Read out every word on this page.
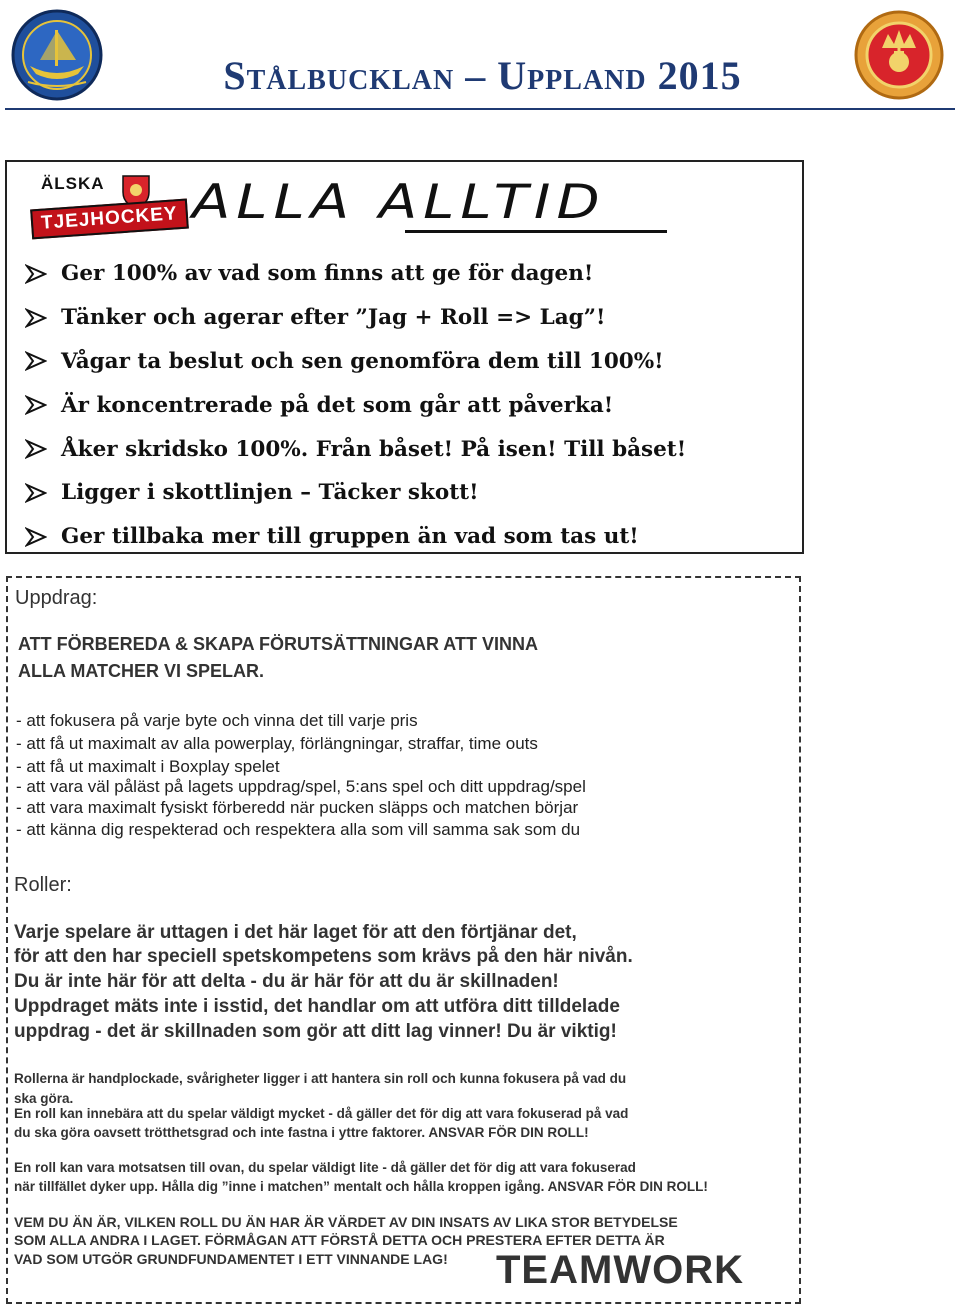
Stålbucklan – Uppland 2015
ÄLSKA
TJEJHOCKEY ALLA ALLTID
Ger 100% av vad som finns att ge för dagen!
Tänker och agerar efter ”Jag + Roll => Lag”!
Vågar ta beslut och sen genomföra dem till 100%!
Är koncentrerade på det som går att påverka!
Åker skridsko 100%. Från båset! På isen! Till båset!
Ligger i skottlinjen – Täcker skott!
Ger tillbaka mer till gruppen än vad som tas ut!
Uppdrag:
ATT FÖRBEREDA & SKAPA FÖRUTSÄTTNINGAR ATT VINNA
ALLA MATCHER VI SPELAR.
- att fokusera på varje byte och vinna det till varje pris
- att få ut maximalt av alla powerplay, förlängningar, straffar, time outs
- att få ut maximalt i Boxplay spelet
- att vara väl påläst på lagets uppdrag/spel, 5:ans spel och ditt uppdrag/spel
- att vara maximalt fysiskt förberedd när pucken släpps och matchen börjar
- att känna dig respekterad och respektera alla som vill samma sak som du
Roller:
Varje spelare är uttagen i det här laget för att den förtjänar det,
för att den har speciell spetskompetens som krävs på den här nivån.
Du är inte här för att delta - du är här för att du är skillnaden!
Uppdraget mäts inte i isstid, det handlar om att utföra ditt tilldelade
uppdrag - det är skillnaden som gör att ditt lag vinner! Du är viktig!
Rollerna är handplockade, svårigheter ligger i att hantera sin roll och kunna fokusera på vad du
ska göra.
En roll kan innebära att du spelar väldigt mycket - då gäller det för dig att vara fokuserad på vad
du ska göra oavsett trötthetsgrad och inte fastna i yttre faktorer. ANSVAR FÖR DIN ROLL!
En roll kan vara motsatsen till ovan, du spelar väldigt lite - då gäller det för dig att vara fokuserad
när tillfället dyker upp. Hålla dig ”inne i matchen” mentalt och hålla kroppen igång. ANSVAR FÖR DIN ROLL!
VEM DU ÄN ÄR, VILKEN ROLL DU ÄN HAR ÄR VÄRDET AV DIN INSATS AV LIKA STOR BETYDELSE
SOM ALLA ANDRA I LAGET. FÖRMÅGAN ATT FÖRSTÅ DETTA OCH PRESTERA EFTER DETTA ÄR
VAD SOM UTGÖR GRUNDFUNDAMENTET I ETT VINNANDE LAG! TEAMWORK
